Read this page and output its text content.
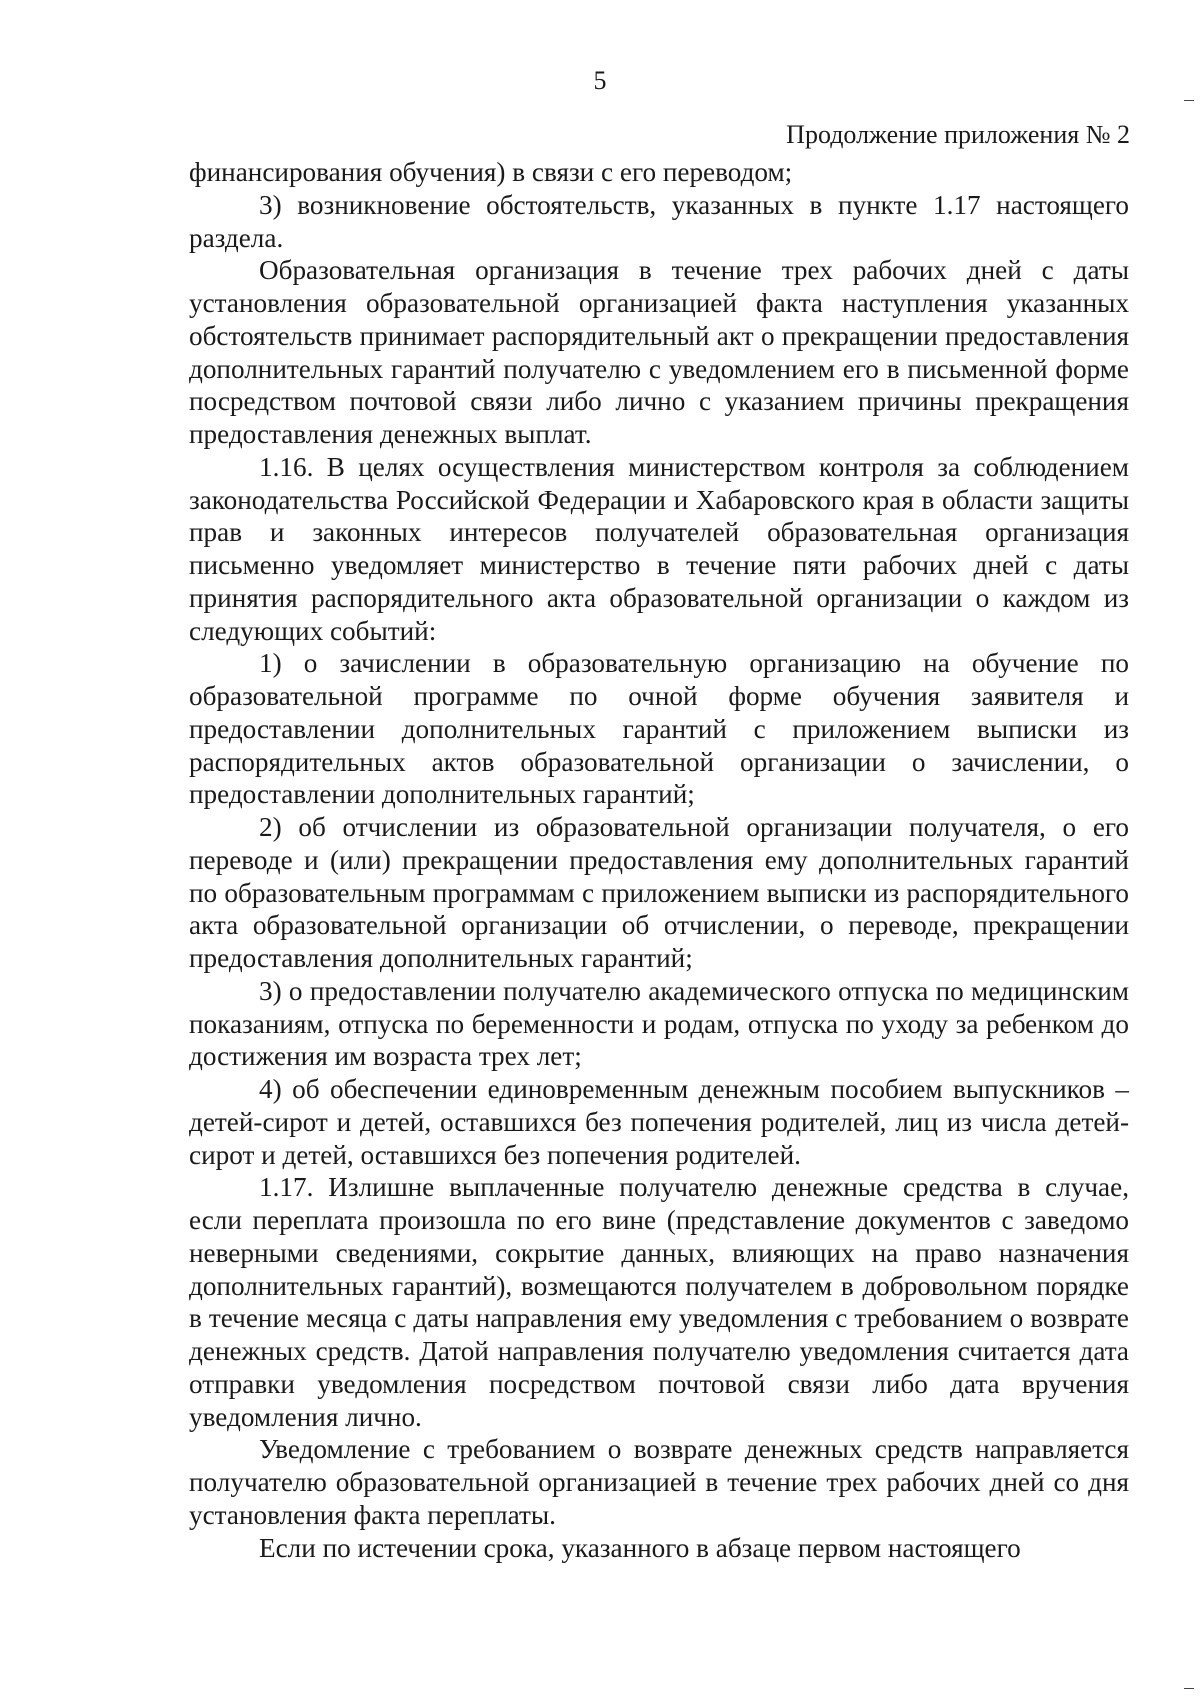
5
Продолжение приложения № 2

финансирования обучения) в связи с его переводом;

3) возникновение обстоятельств, указанных в пункте 1.17 настоящего раздела.

Образовательная организация в течение трех рабочих дней с даты установления образовательной организацией факта наступления указанных обстоятельств принимает распорядительный акт о прекращении предоставления дополнительных гарантий получателю с уведомлением его в письменной форме посредством почтовой связи либо лично с указанием причины прекращения предоставления денежных выплат.

1.16. В целях осуществления министерством контроля за соблюдением законодательства Российской Федерации и Хабаровского края в области защиты прав и законных интересов получателей образовательная организация письменно уведомляет министерство в течение пяти рабочих дней с даты принятия распорядительного акта образовательной организации о каждом из следующих событий:

1) о зачислении в образовательную организацию на обучение по образовательной программе по очной форме обучения заявителя и предоставлении дополнительных гарантий с приложением выписки из распорядительных актов образовательной организации о зачислении, о предоставлении дополнительных гарантий;

2) об отчислении из образовательной организации получателя, о его переводе и (или) прекращении предоставления ему дополнительных гарантий по образовательным программам с приложением выписки из распорядительного акта образовательной организации об отчислении, о переводе, прекращении предоставления дополнительных гарантий;

3) о предоставлении получателю академического отпуска по медицинским показаниям, отпуска по беременности и родам, отпуска по уходу за ребенком до достижения им возраста трех лет;

4) об обеспечении единовременным денежным пособием выпускников – детей-сирот и детей, оставшихся без попечения родителей, лиц из числа детей-сирот и детей, оставшихся без попечения родителей.

1.17. Излишне выплаченные получателю денежные средства в случае, если переплата произошла по его вине (представление документов с заведомо неверными сведениями, сокрытие данных, влияющих на право назначения дополнительных гарантий), возмещаются получателем в добровольном порядке в течение месяца с даты направления ему уведомления с требованием о возврате денежных средств. Датой направления получателю уведомления считается дата отправки уведомления посредством почтовой связи либо дата вручения уведомления лично.

Уведомление с требованием о возврате денежных средств направляется получателю образовательной организацией в течение трех рабочих дней со дня установления факта переплаты.

Если по истечении срока, указанного в абзаце первом настоящего
